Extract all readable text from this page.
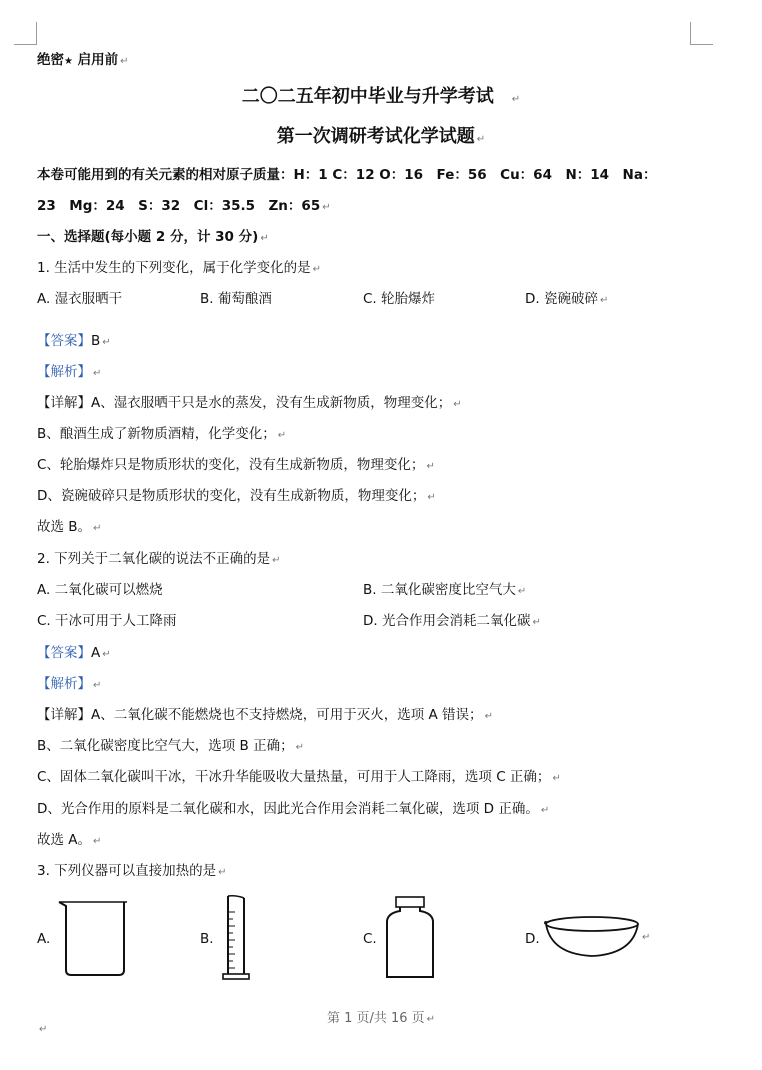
绝密★ 启用前 ↵
二〇二五年初中毕业与升学考试 ↵
第一次调研考试化学试题 ↵
本卷可能用到的有关元素的相对原子质量：H：1 C：12 O：16　Fe：56　Cu：64　N：14　Na：
23　Mg：24　S：32　Cl：35.5　Zn：65 ↵
一、选择题(每小题 2 分，计 30 分) ↵
1. 生活中发生的下列变化，属于化学变化的是 ↵
A. 湿衣服晒干	B. 葡萄酿酒	C. 轮胎爆炸	D. 瓷碗破碎 ↵
【答案】B ↵
【解析】 ↵
【详解】A、湿衣服晒干只是水的蒸发，没有生成新物质，物理变化； ↵
B、酿酒生成了新物质酒精，化学变化； ↵
C、轮胎爆炸只是物质形状的变化，没有生成新物质，物理变化； ↵
D、瓷碗破碎只是物质形状的变化，没有生成新物质，物理变化； ↵
故选 B。 ↵
2. 下列关于二氧化碳的说法不正确的是 ↵
A. 二氧化碳可以燃烧	B. 二氧化碳密度比空气大 ↵
C. 干冰可用于人工降雨	D. 光合作用会消耗二氧化碳 ↵
【答案】A ↵
【解析】 ↵
【详解】A、二氧化碳不能燃烧也不支持燃烧，可用于灭火，选项 A 错误； ↵
B、二氧化碳密度比空气大，选项 B 正确； ↵
C、固体二氧化碳叫干冰，干冰升华能吸收大量热量，可用于人工降雨，选项 C 正确； ↵
D、光合作用的原料是二氧化碳和水，因此光合作用会消耗二氧化碳，选项 D 正确。 ↵
故选 A。 ↵
3. 下列仪器可以直接加热的是 ↵
A.	B.	C.	D.	↵
第 1 页/共 16 页 ↵
↵
